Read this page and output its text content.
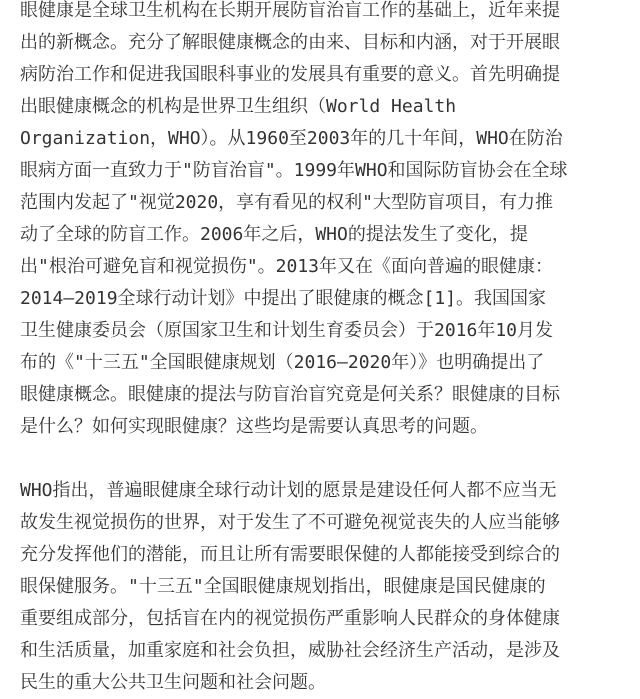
眼健康是全球卫生机构在长期开展防盲治盲工作的基础上，近年来提
出的新概念。充分了解眼健康概念的由来、目标和内涵，对于开展眼
病防治工作和促进我国眼科事业的发展具有重要的意义。首先明确提
出眼健康概念的机构是世界卫生组织（World Health
Organization，WHO）。从1960至2003年的几十年间，WHO在防治
眼病方面一直致力于"防盲治盲"。1999年WHO和国际防盲协会在全球
范围内发起了"视觉2020，享有看见的权利"大型防盲项目，有力推
动了全球的防盲工作。2006年之后，WHO的提法发生了变化，提
出"根治可避免盲和视觉损伤"。2013年又在《面向普遍的眼健康：
2014—2019全球行动计划》中提出了眼健康的概念[1]。我国国家
卫生健康委员会（原国家卫生和计划生育委员会）于2016年10月发
布的《"十三五"全国眼健康规划（2016—2020年）》也明确提出了
眼健康概念。眼健康的提法与防盲治盲究竟是何关系？眼健康的目标
是什么？如何实现眼健康？这些均是需要认真思考的问题。
WHO指出，普遍眼健康全球行动计划的愿景是建设任何人都不应当无
故发生视觉损伤的世界，对于发生了不可避免视觉丧失的人应当能够
充分发挥他们的潜能，而且让所有需要眼保健的人都能接受到综合的
眼保健服务。"十三五"全国眼健康规划指出，眼健康是国民健康的
重要组成部分，包括盲在内的视觉损伤严重影响人民群众的身体健康
和生活质量，加重家庭和社会负担，威胁社会经济生产活动，是涉及
民生的重大公共卫生问题和社会问题。
